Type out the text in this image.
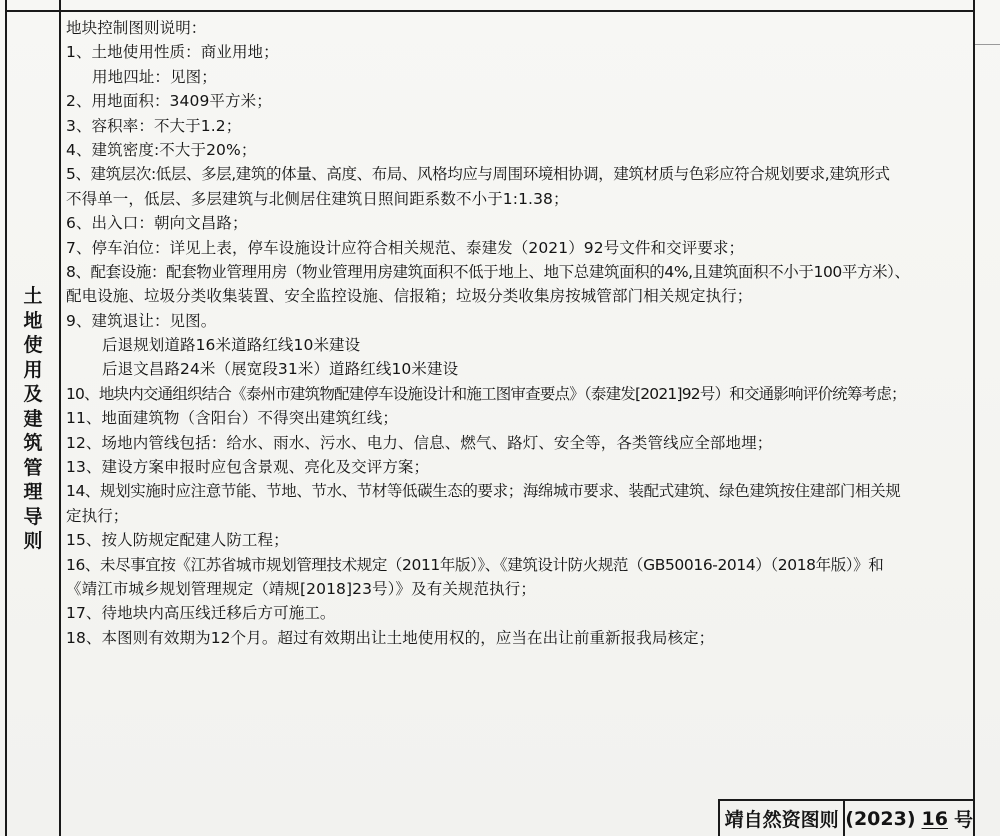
土
地
使
用
及
建
筑
管
理
导
则
地块控制图则说明：
1、土地使用性质：商业用地；
用地四址：见图；
2、用地面积：3409平方米；
3、容积率：不大于1.2；
4、建筑密度:不大于20%；
5、建筑层次:低层、多层,建筑的体量、高度、布局、风格均应与周围环境相协调，建筑材质与色彩应符合规划要求,建筑形式
不得单一，低层、多层建筑与北侧居住建筑日照间距系数不小于1:1.38；
6、出入口：朝向文昌路；
7、停车泊位：详见上表，停车设施设计应符合相关规范、泰建发（2021）92号文件和交评要求；
8、配套设施：配套物业管理用房（物业管理用房建筑面积不低于地上、地下总建筑面积的4%,且建筑面积不小于100平方米）、
配电设施、垃圾分类收集装置、安全监控设施、信报箱；垃圾分类收集房按城管部门相关规定执行；
9、建筑退让：见图。
后退规划道路16米道路红线10米建设
后退文昌路24米（展宽段31米）道路红线10米建设
10、地块内交通组织结合《泰州市建筑物配建停车设施设计和施工图审查要点》（泰建发[2021]92号）和交通影响评价统筹考虑；
11、地面建筑物（含阳台）不得突出建筑红线；
12、场地内管线包括：给水、雨水、污水、电力、信息、燃气、路灯、安全等，各类管线应全部地埋；
13、建设方案申报时应包含景观、亮化及交评方案；
14、规划实施时应注意节能、节地、节水、节材等低碳生态的要求；海绵城市要求、装配式建筑、绿色建筑按住建部门相关规
定执行；
15、按人防规定配建人防工程；
16、未尽事宜按《江苏省城市规划管理技术规定（2011年版）》、《建筑设计防火规范（GB50016-2014）（2018年版）》和
《靖江市城乡规划管理规定（靖规[2018]23号）》及有关规范执行；
17、待地块内高压线迁移后方可施工。
18、本图则有效期为12个月。超过有效期出让土地使用权的，应当在出让前重新报我局核定；
靖自然资图则 (2023) 16 号
